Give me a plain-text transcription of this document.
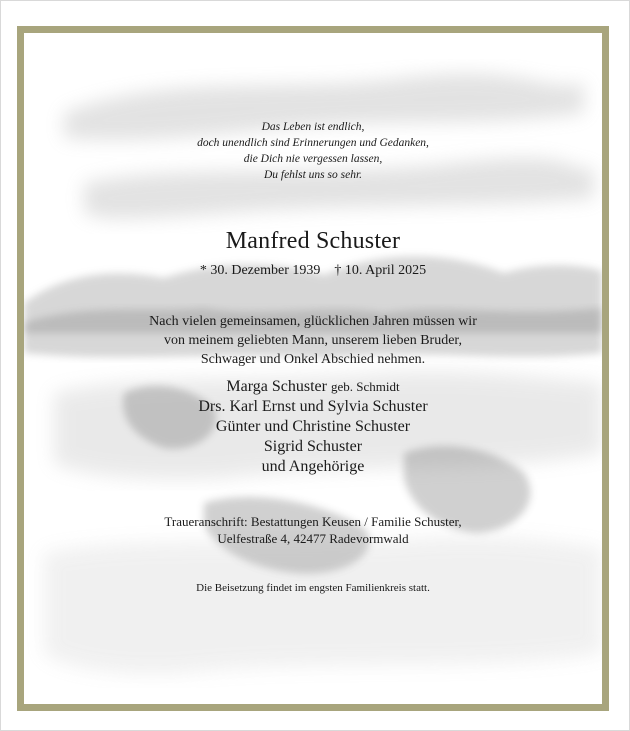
Das Leben ist endlich,
doch unendlich sind Erinnerungen und Gedanken,
die Dich nie vergessen lassen,
Du fehlst uns so sehr.
Manfred Schuster
* 30. Dezember 1939 † 10. April 2025
Nach vielen gemeinsamen, glücklichen Jahren müssen wir
von meinem geliebten Mann, unserem lieben Bruder,
Schwager und Onkel Abschied nehmen.
Marga Schuster geb. Schmidt
Drs. Karl Ernst und Sylvia Schuster
Günter und Christine Schuster
Sigrid Schuster
und Angehörige
Traueranschrift: Bestattungen Keusen / Familie Schuster,
Uelfestraße 4, 42477 Radevormwald
Die Beisetzung findet im engsten Familienkreis statt.
